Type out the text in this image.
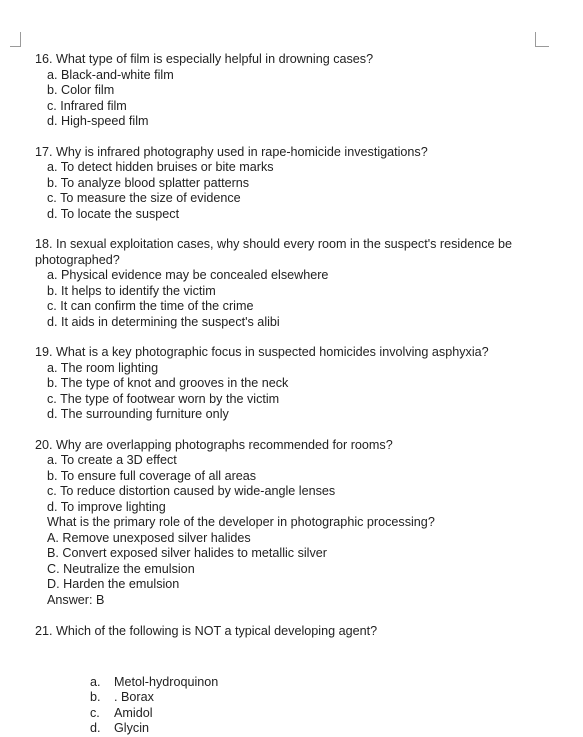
16. What type of film is especially helpful in drowning cases?
a. Black-and-white film
b. Color film
c. Infrared film
d. High-speed film
17. Why is infrared photography used in rape-homicide investigations?
a. To detect hidden bruises or bite marks
b. To analyze blood splatter patterns
c. To measure the size of evidence
d. To locate the suspect
18. In sexual exploitation cases, why should every room in the suspect's residence be photographed?
a. Physical evidence may be concealed elsewhere
b. It helps to identify the victim
c. It can confirm the time of the crime
d. It aids in determining the suspect's alibi
19. What is a key photographic focus in suspected homicides involving asphyxia?
a. The room lighting
b. The type of knot and grooves in the neck
c. The type of footwear worn by the victim
d. The surrounding furniture only
20. Why are overlapping photographs recommended for rooms?
a. To create a 3D effect
b. To ensure full coverage of all areas
c. To reduce distortion caused by wide-angle lenses
d. To improve lighting
What is the primary role of the developer in photographic processing?
A. Remove unexposed silver halides
B. Convert exposed silver halides to metallic silver
C. Neutralize the emulsion
D. Harden the emulsion
Answer: B
21. Which of the following is NOT a typical developing agent?
a.	Metol-hydroquinon
b.	. Borax
c.	Amidol
d.	Glycin
